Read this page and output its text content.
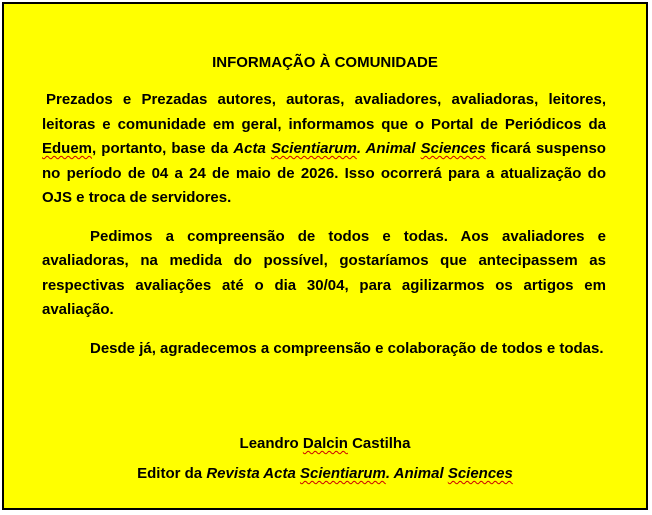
INFORMAÇÃO À COMUNIDADE

Prezados e Prezadas autores, autoras, avaliadores, avaliadoras, leitores, leitoras e comunidade em geral, informamos que o Portal de Periódicos da Eduem, portanto, base da Acta Scientiarum. Animal Sciences ficará suspenso no período de 04 a 24 de maio de 2026. Isso ocorrerá para a atualização do OJS e troca de servidores.

Pedimos a compreensão de todos e todas. Aos avaliadores e avaliadoras, na medida do possível, gostaríamos que antecipassem as respectivas avaliações até o dia 30/04, para agilizarmos os artigos em avaliação.

Desde já, agradecemos a compreensão e colaboração de todos e todas.

Leandro Dalcin Castilha
Editor da Revista Acta Scientiarum. Animal Sciences
